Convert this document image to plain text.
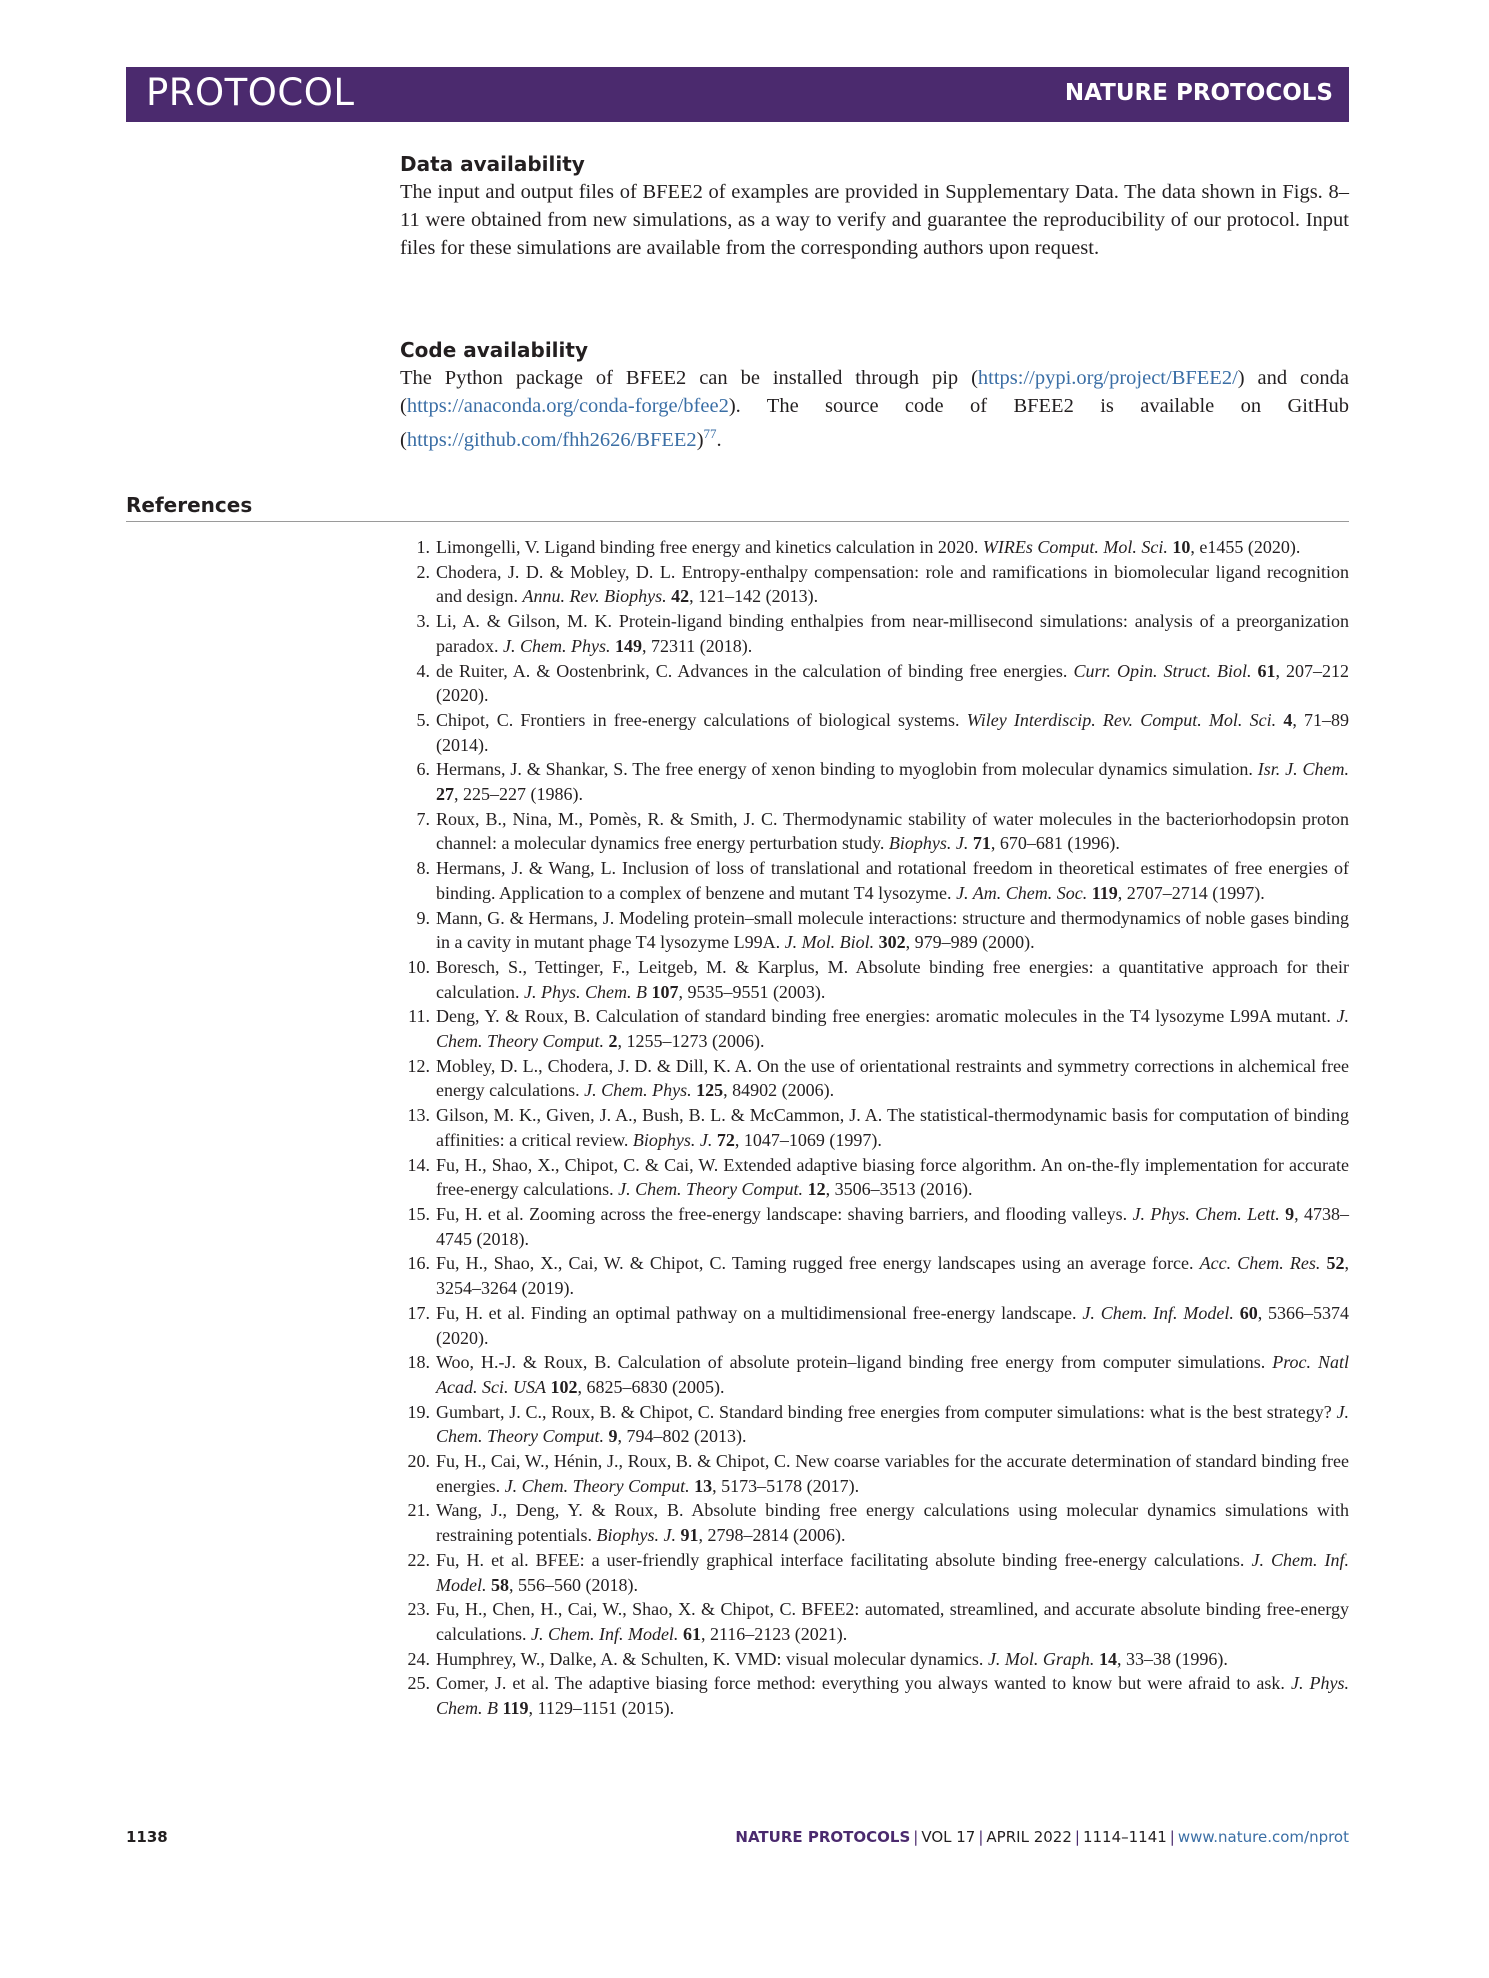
PROTOCOL	NATURE PROTOCOLS
Data availability

The input and output files of BFEE2 of examples are provided in Supplementary Data. The data shown in Figs. 8–11 were obtained from new simulations, as a way to verify and guarantee the reproducibility of our protocol. Input files for these simulations are available from the corresponding authors upon request.

Code availability

The Python package of BFEE2 can be installed through pip (https://pypi.org/project/BFEE2/) and conda (https://anaconda.org/conda-forge/bfee2). The source code of BFEE2 is available on GitHub (https://github.com/fhh2626/BFEE2)$^{77}$.

References
1. Limongelli, V. Ligand binding free energy and kinetics calculation in 2020. WIREs Comput. Mol. Sci. 10, e1455 (2020).
2. Chodera, J. D. & Mobley, D. L. Entropy-enthalpy compensation: role and ramifications in biomolecular ligand recognition and design. Annu. Rev. Biophys. 42, 121–142 (2013).
3. Li, A. & Gilson, M. K. Protein-ligand binding enthalpies from near-millisecond simulations: analysis of a preorganization paradox. J. Chem. Phys. 149, 72311 (2018).
4. de Ruiter, A. & Oostenbrink, C. Advances in the calculation of binding free energies. Curr. Opin. Struct. Biol. 61, 207–212 (2020).
5. Chipot, C. Frontiers in free-energy calculations of biological systems. Wiley Interdiscip. Rev. Comput. Mol. Sci. 4, 71–89 (2014).
6. Hermans, J. & Shankar, S. The free energy of xenon binding to myoglobin from molecular dynamics simulation. Isr. J. Chem. 27, 225–227 (1986).
7. Roux, B., Nina, M., Pomès, R. & Smith, J. C. Thermodynamic stability of water molecules in the bacteriorhodopsin proton channel: a molecular dynamics free energy perturbation study. Biophys. J. 71, 670–681 (1996).
8. Hermans, J. & Wang, L. Inclusion of loss of translational and rotational freedom in theoretical estimates of free energies of binding. Application to a complex of benzene and mutant T4 lysozyme. J. Am. Chem. Soc. 119, 2707–2714 (1997).
9. Mann, G. & Hermans, J. Modeling protein–small molecule interactions: structure and thermodynamics of noble gases binding in a cavity in mutant phage T4 lysozyme L99A. J. Mol. Biol. 302, 979–989 (2000).
10. Boresch, S., Tettinger, F., Leitgeb, M. & Karplus, M. Absolute binding free energies: a quantitative approach for their calculation. J. Phys. Chem. B 107, 9535–9551 (2003).
11. Deng, Y. & Roux, B. Calculation of standard binding free energies: aromatic molecules in the T4 lysozyme L99A mutant. J. Chem. Theory Comput. 2, 1255–1273 (2006).
12. Mobley, D. L., Chodera, J. D. & Dill, K. A. On the use of orientational restraints and symmetry corrections in alchemical free energy calculations. J. Chem. Phys. 125, 84902 (2006).
13. Gilson, M. K., Given, J. A., Bush, B. L. & McCammon, J. A. The statistical-thermodynamic basis for computation of binding affinities: a critical review. Biophys. J. 72, 1047–1069 (1997).
14. Fu, H., Shao, X., Chipot, C. & Cai, W. Extended adaptive biasing force algorithm. An on-the-fly implementation for accurate free-energy calculations. J. Chem. Theory Comput. 12, 3506–3513 (2016).
15. Fu, H. et al. Zooming across the free-energy landscape: shaving barriers, and flooding valleys. J. Phys. Chem. Lett. 9, 4738–4745 (2018).
16. Fu, H., Shao, X., Cai, W. & Chipot, C. Taming rugged free energy landscapes using an average force. Acc. Chem. Res. 52, 3254–3264 (2019).
17. Fu, H. et al. Finding an optimal pathway on a multidimensional free-energy landscape. J. Chem. Inf. Model. 60, 5366–5374 (2020).
18. Woo, H.-J. & Roux, B. Calculation of absolute protein–ligand binding free energy from computer simulations. Proc. Natl Acad. Sci. USA 102, 6825–6830 (2005).
19. Gumbart, J. C., Roux, B. & Chipot, C. Standard binding free energies from computer simulations: what is the best strategy? J. Chem. Theory Comput. 9, 794–802 (2013).
20. Fu, H., Cai, W., Hénin, J., Roux, B. & Chipot, C. New coarse variables for the accurate determination of standard binding free energies. J. Chem. Theory Comput. 13, 5173–5178 (2017).
21. Wang, J., Deng, Y. & Roux, B. Absolute binding free energy calculations using molecular dynamics simulations with restraining potentials. Biophys. J. 91, 2798–2814 (2006).
22. Fu, H. et al. BFEE: a user-friendly graphical interface facilitating absolute binding free-energy calculations. J. Chem. Inf. Model. 58, 556–560 (2018).
23. Fu, H., Chen, H., Cai, W., Shao, X. & Chipot, C. BFEE2: automated, streamlined, and accurate absolute binding free-energy calculations. J. Chem. Inf. Model. 61, 2116–2123 (2021).
24. Humphrey, W., Dalke, A. & Schulten, K. VMD: visual molecular dynamics. J. Mol. Graph. 14, 33–38 (1996).
25. Comer, J. et al. The adaptive biasing force method: everything you always wanted to know but were afraid to ask. J. Phys. Chem. B 119, 1129–1151 (2015).
1138	NATURE PROTOCOLS | VOL 17 | APRIL 2022 | 1114–1141 | www.nature.com/nprot
